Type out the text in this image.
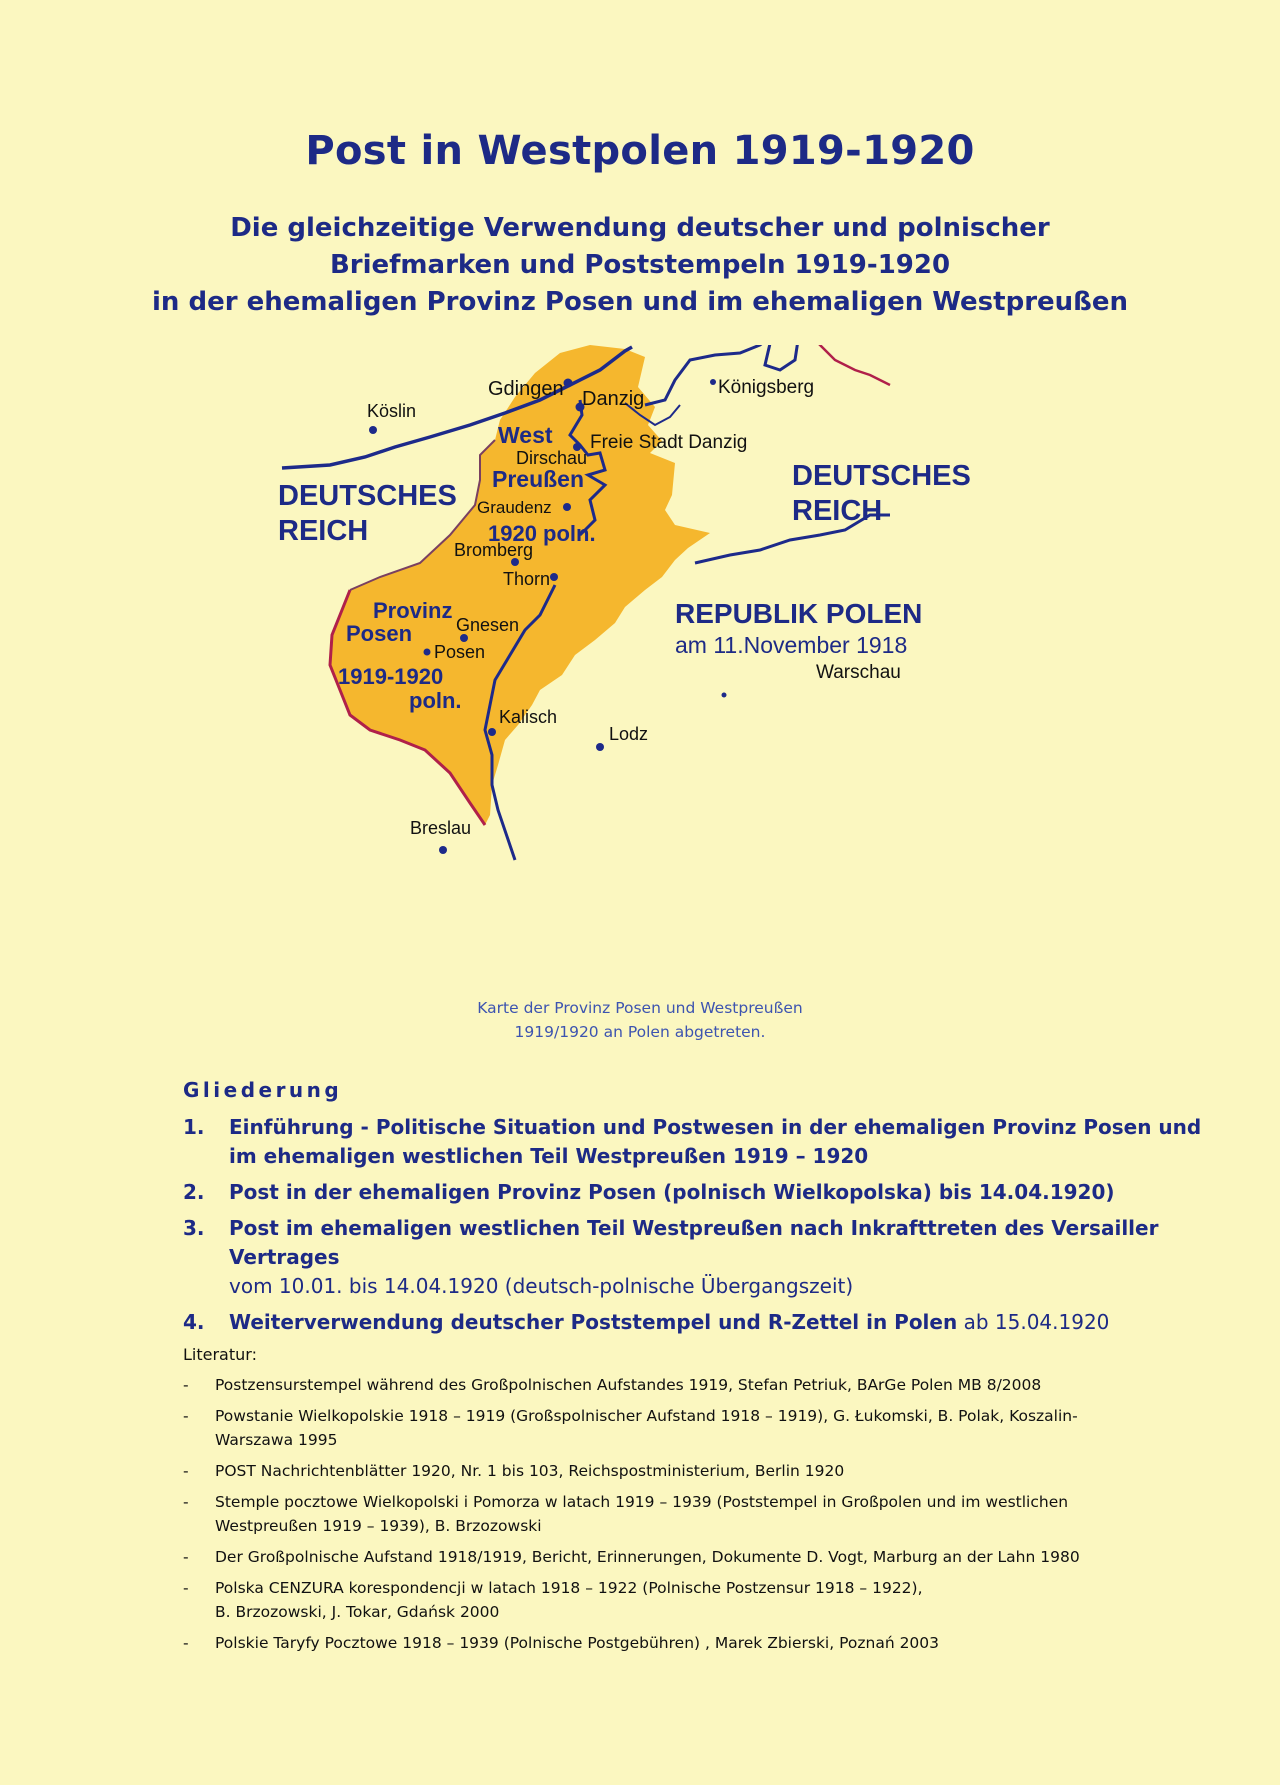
Post in Westpolen 1919-1920
Die gleichzeitige Verwendung deutscher und polnischer
Briefmarken und Poststempeln 1919-1920
in der ehemaligen Provinz Posen und im ehemaligen Westpreußen
Köslin
Gdingen Danzig
Königsberg
Freie Stadt Danzig
West
Dirschau
Preußen
Graudenz
1920 poln.
DEUTSCHES
REICH
DEUTSCHES
REICH
Bromberg
Thorn
Provinz
Posen Gnesen
Posen
1919-1920
poln.
REPUBLIK POLEN
am 11.November 1918
Warschau
Kalisch
Lodz
Breslau
Karte der Provinz Posen und Westpreußen
1919/1920 an Polen abgetreten.
Gliederung
1.	Einführung - Politische Situation und Postwesen in der ehemaligen Provinz Posen und im ehemaligen westlichen Teil Westpreußen 1919 – 1920
2.	Post in der ehemaligen Provinz Posen (polnisch Wielkopolska) bis 14.04.1920)
3.	Post im ehemaligen westlichen Teil Westpreußen nach Inkrafttreten des Versailler Vertrages
vom 10.01. bis 14.04.1920 (deutsch-polnische Übergangszeit)
4.	Weiterverwendung deutscher Poststempel und R-Zettel in Polen ab 15.04.1920
Literatur:
-	Postzensurstempel während des Großpolnischen Aufstandes 1919, Stefan Petriuk, BArGe Polen MB 8/2008
-	Powstanie Wielkopolskie 1918 – 1919 (Großspolnischer Aufstand 1918 – 1919), G. Łukomski, B. Polak, Koszalin-
Warszawa 1995
-	POST Nachrichtenblätter 1920, Nr. 1 bis 103, Reichspostministerium, Berlin 1920
-	Stemple pocztowe Wielkopolski i Pomorza w latach 1919 – 1939 (Poststempel in Großpolen und im westlichen
Westpreußen 1919 – 1939), B. Brzozowski
-	Der Großpolnische Aufstand 1918/1919, Bericht, Erinnerungen, Dokumente D. Vogt, Marburg an der Lahn 1980
-	Polska CENZURA korespondencji w latach 1918 – 1922 (Polnische Postzensur 1918 – 1922),
B. Brzozowski, J. Tokar, Gdańsk 2000
-	Polskie Taryfy Pocztowe 1918 – 1939 (Polnische Postgebühren) , Marek Zbierski, Poznań 2003
